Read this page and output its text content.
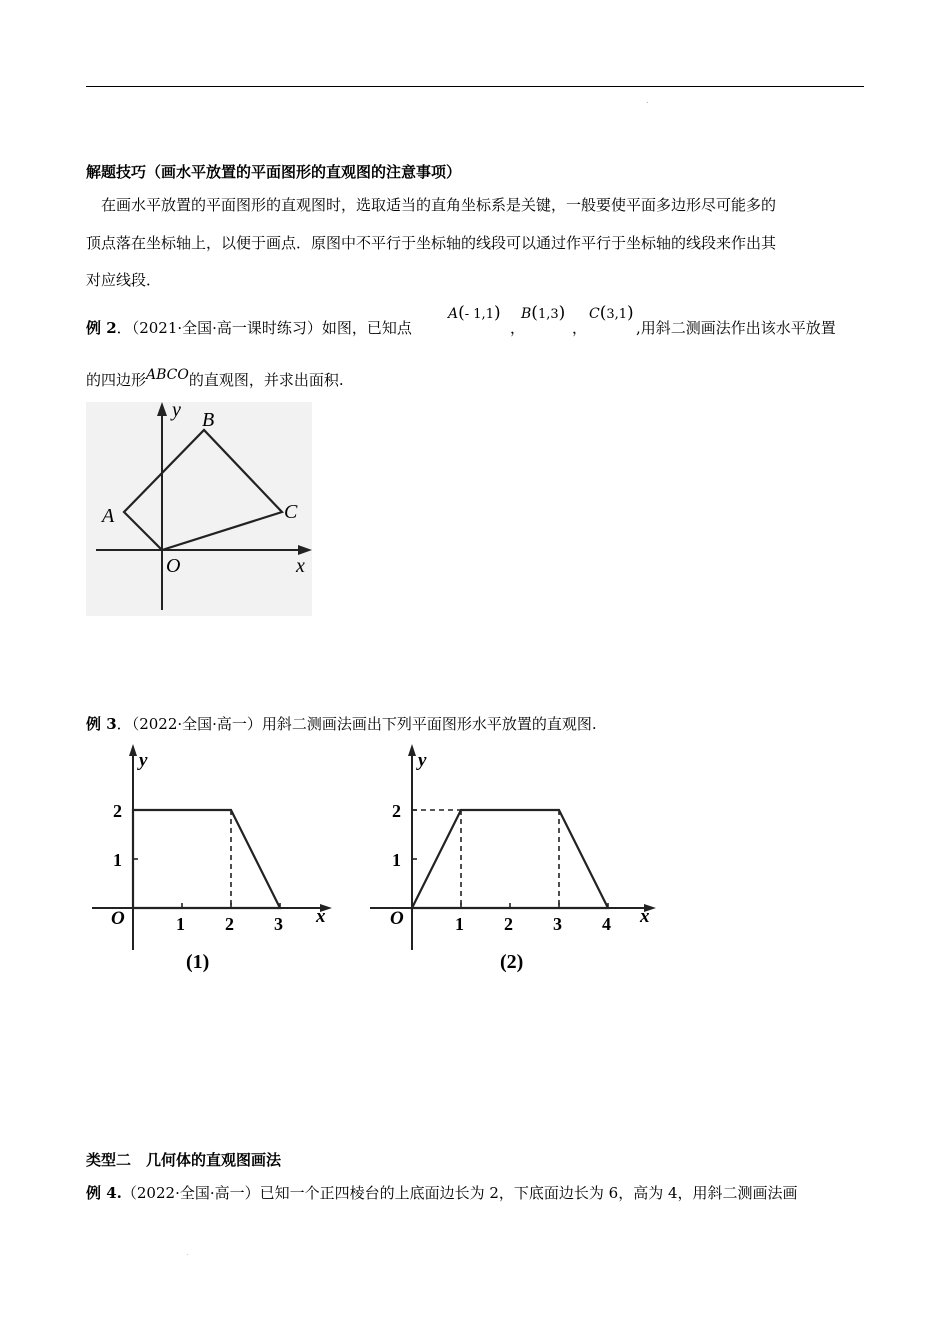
.
解题技巧（画水平放置的平面图形的直观图的注意事项）
在画水平放置的平面图形的直观图时，选取适当的直角坐标系是关键，一般要使平面多边形尽可能多的
顶点落在坐标轴上，以便于画点．原图中不平行于坐标轴的线段可以通过作平行于坐标轴的线段来作出其
对应线段．
例 2．（2021·全国·高一课时练习）如图，已知点
A(- 1,1)
，
B(1,3)
，
C(3,1)
,用斜二测画法作出该水平放置
的四边形ABCO的直观图，并求出面积.
A
B
C
O	x
y
例 3．（2022·全国·高一）用斜二测画法画出下列平面图形水平放置的直观图.
1 2 3
1
2
O	x
y
(1)
1 2 3 4
1
2
O	x
y
(2)
类型二　几何体的直观图画法
例 4.（2022·全国·高一）已知一个正四棱台的上底面边长为 2，下底面边长为 6，高为 4，用斜二测画法画
.
